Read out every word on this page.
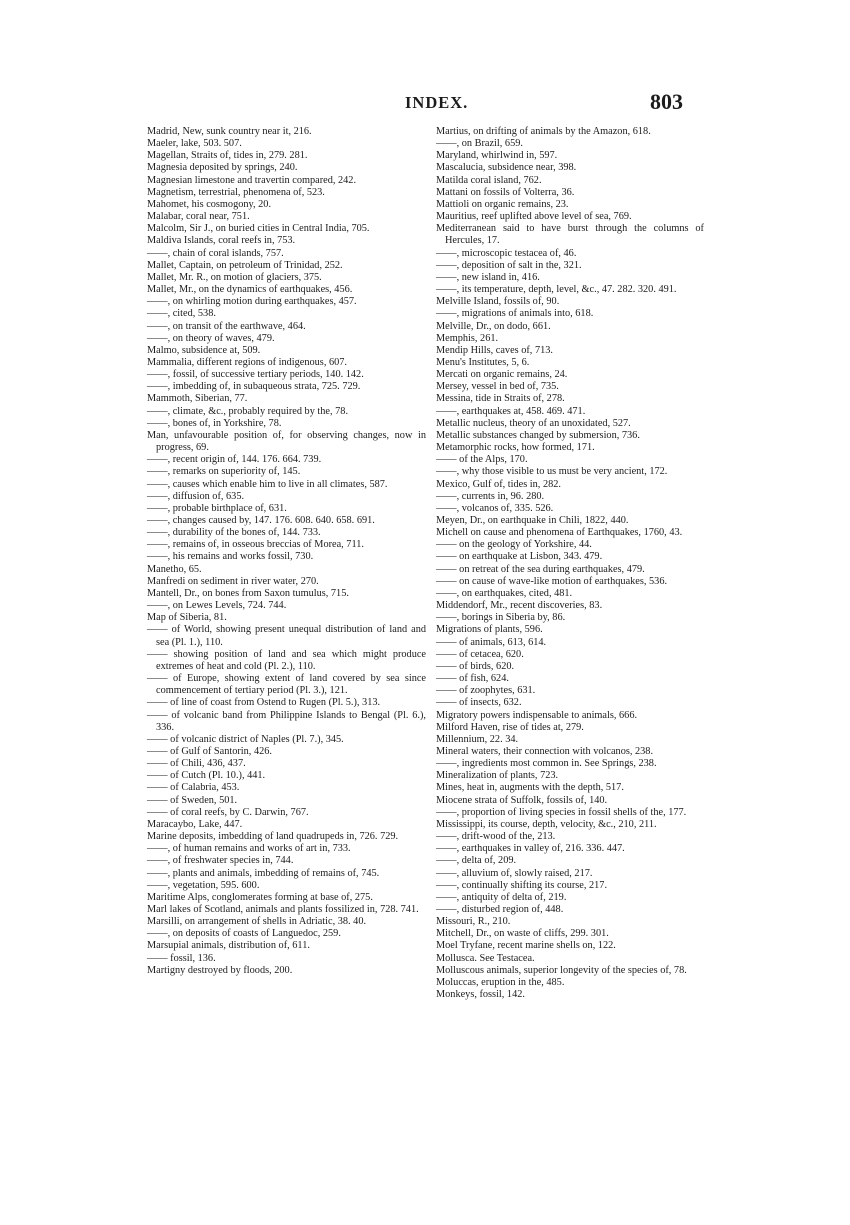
INDEX.	803
Madrid, New, sunk country near it, 216.
Maeler, lake, 503. 507.
Magellan, Straits of, tides in, 279. 281.
Magnesia deposited by springs, 240.
Magnesian limestone and travertin compared, 242.
Magnetism, terrestrial, phenomena of, 523.
Mahomet, his cosmogony, 20.
Malabar, coral near, 751.
Malcolm, Sir J., on buried cities in Central India, 705.
Maldiva Islands, coral reefs in, 753.
——, chain of coral islands, 757.
Mallet, Captain, on petroleum of Trinidad, 252.
Mallet, Mr. R., on motion of glaciers, 375.
Mallet, Mr., on the dynamics of earthquakes, 456.
——, on whirling motion during earthquakes, 457.
——, cited, 538.
——, on transit of the earthwave, 464.
——, on theory of waves, 479.
Malmo, subsidence at, 509.
Mammalia, different regions of indigenous, 607.
——, fossil, of successive tertiary periods, 140. 142.
——, imbedding of, in subaqueous strata, 725. 729.
Mammoth, Siberian, 77.
——, climate, &c., probably required by the, 78.
——, bones of, in Yorkshire, 78.
Man, unfavourable position of, for observing changes, now in progress, 69.
——, recent origin of, 144. 176. 664. 739.
——, remarks on superiority of, 145.
——, causes which enable him to live in all climates, 587.
——, diffusion of, 635.
——, probable birthplace of, 631.
——, changes caused by, 147. 176. 608. 640. 658. 691.
——, durability of the bones of, 144. 733.
——, remains of, in osseous breccias of Morea, 711.
——, his remains and works fossil, 730.
Manetho, 65.
Manfredi on sediment in river water, 270.
Mantell, Dr., on bones from Saxon tumulus, 715.
——, on Lewes Levels, 724. 744.
Map of Siberia, 81.
—— of World, showing present unequal distribution of land and sea (Pl. 1.), 110.
—— showing position of land and sea which might produce extremes of heat and cold (Pl. 2.), 110.
—— of Europe, showing extent of land covered by sea since commencement of tertiary period (Pl. 3.), 121.
—— of line of coast from Ostend to Rugen (Pl. 5.), 313.
—— of volcanic band from Philippine Islands to Bengal (Pl. 6.), 336.
—— of volcanic district of Naples (Pl. 7.), 345.
—— of Gulf of Santorin, 426.
—— of Chili, 436, 437.
—— of Cutch (Pl. 10.), 441.
—— of Calabria, 453.
—— of Sweden, 501.
—— of coral reefs, by C. Darwin, 767.
Maracaybo, Lake, 447.
Marine deposits, imbedding of land quadrupeds in, 726. 729.
——, of human remains and works of art in, 733.
——, of freshwater species in, 744.
——, plants and animals, imbedding of remains of, 745.
——, vegetation, 595. 600.
Maritime Alps, conglomerates forming at base of, 275.
Marl lakes of Scotland, animals and plants fossilized in, 728. 741.
Marsilli, on arrangement of shells in Adriatic, 38. 40.
——, on deposits of coasts of Languedoc, 259.
Marsupial animals, distribution of, 611.
—— fossil, 136.
Martigny destroyed by floods, 200.
Martius, on drifting of animals by the Amazon, 618.
——, on Brazil, 659.
Maryland, whirlwind in, 597.
Mascalucia, subsidence near, 398.
Matilda coral island, 762.
Mattani on fossils of Volterra, 36.
Mattioli on organic remains, 23.
Mauritius, reef uplifted above level of sea, 769.
Mediterranean said to have burst through the columns of Hercules, 17.
——, microscopic testacea of, 46.
——, deposition of salt in the, 321.
——, new island in, 416.
——, its temperature, depth, level, &c., 47. 282. 320. 491.
Melville Island, fossils of, 90.
——, migrations of animals into, 618.
Melville, Dr., on dodo, 661.
Memphis, 261.
Mendip Hills, caves of, 713.
Menu's Institutes, 5, 6.
Mercati on organic remains, 24.
Mersey, vessel in bed of, 735.
Messina, tide in Straits of, 278.
——, earthquakes at, 458. 469. 471.
Metallic nucleus, theory of an unoxidated, 527.
Metallic substances changed by submersion, 736.
Metamorphic rocks, how formed, 171.
—— of the Alps, 170.
——, why those visible to us must be very ancient, 172.
Mexico, Gulf of, tides in, 282.
——, currents in, 96. 280.
——, volcanos of, 335. 526.
Meyen, Dr., on earthquake in Chili, 1822, 440.
Michell on cause and phenomena of Earthquakes, 1760, 43.
—— on the geology of Yorkshire, 44.
—— on earthquake at Lisbon, 343. 479.
—— on retreat of the sea during earthquakes, 479.
—— on cause of wave-like motion of earthquakes, 536.
——, on earthquakes, cited, 481.
Middendorf, Mr., recent discoveries, 83.
——, borings in Siberia by, 86.
Migrations of plants, 596.
—— of animals, 613, 614.
—— of cetacea, 620.
—— of birds, 620.
—— of fish, 624.
—— of zoophytes, 631.
—— of insects, 632.
Migratory powers indispensable to animals, 666.
Milford Haven, rise of tides at, 279.
Millennium, 22. 34.
Mineral waters, their connection with volcanos, 238.
——, ingredients most common in. See Springs, 238.
Mineralization of plants, 723.
Mines, heat in, augments with the depth, 517.
Miocene strata of Suffolk, fossils of, 140.
——, proportion of living species in fossil shells of the, 177.
Mississippi, its course, depth, velocity, &c., 210, 211.
——, drift-wood of the, 213.
——, earthquakes in valley of, 216. 336. 447.
——, delta of, 209.
——, alluvium of, slowly raised, 217.
——, continually shifting its course, 217.
——, antiquity of delta of, 219.
——, disturbed region of, 448.
Missouri, R., 210.
Mitchell, Dr., on waste of cliffs, 299. 301.
Moel Tryfane, recent marine shells on, 122.
Mollusca. See Testacea.
Molluscous animals, superior longevity of the species of, 78.
Moluccas, eruption in the, 485.
Monkeys, fossil, 142.
